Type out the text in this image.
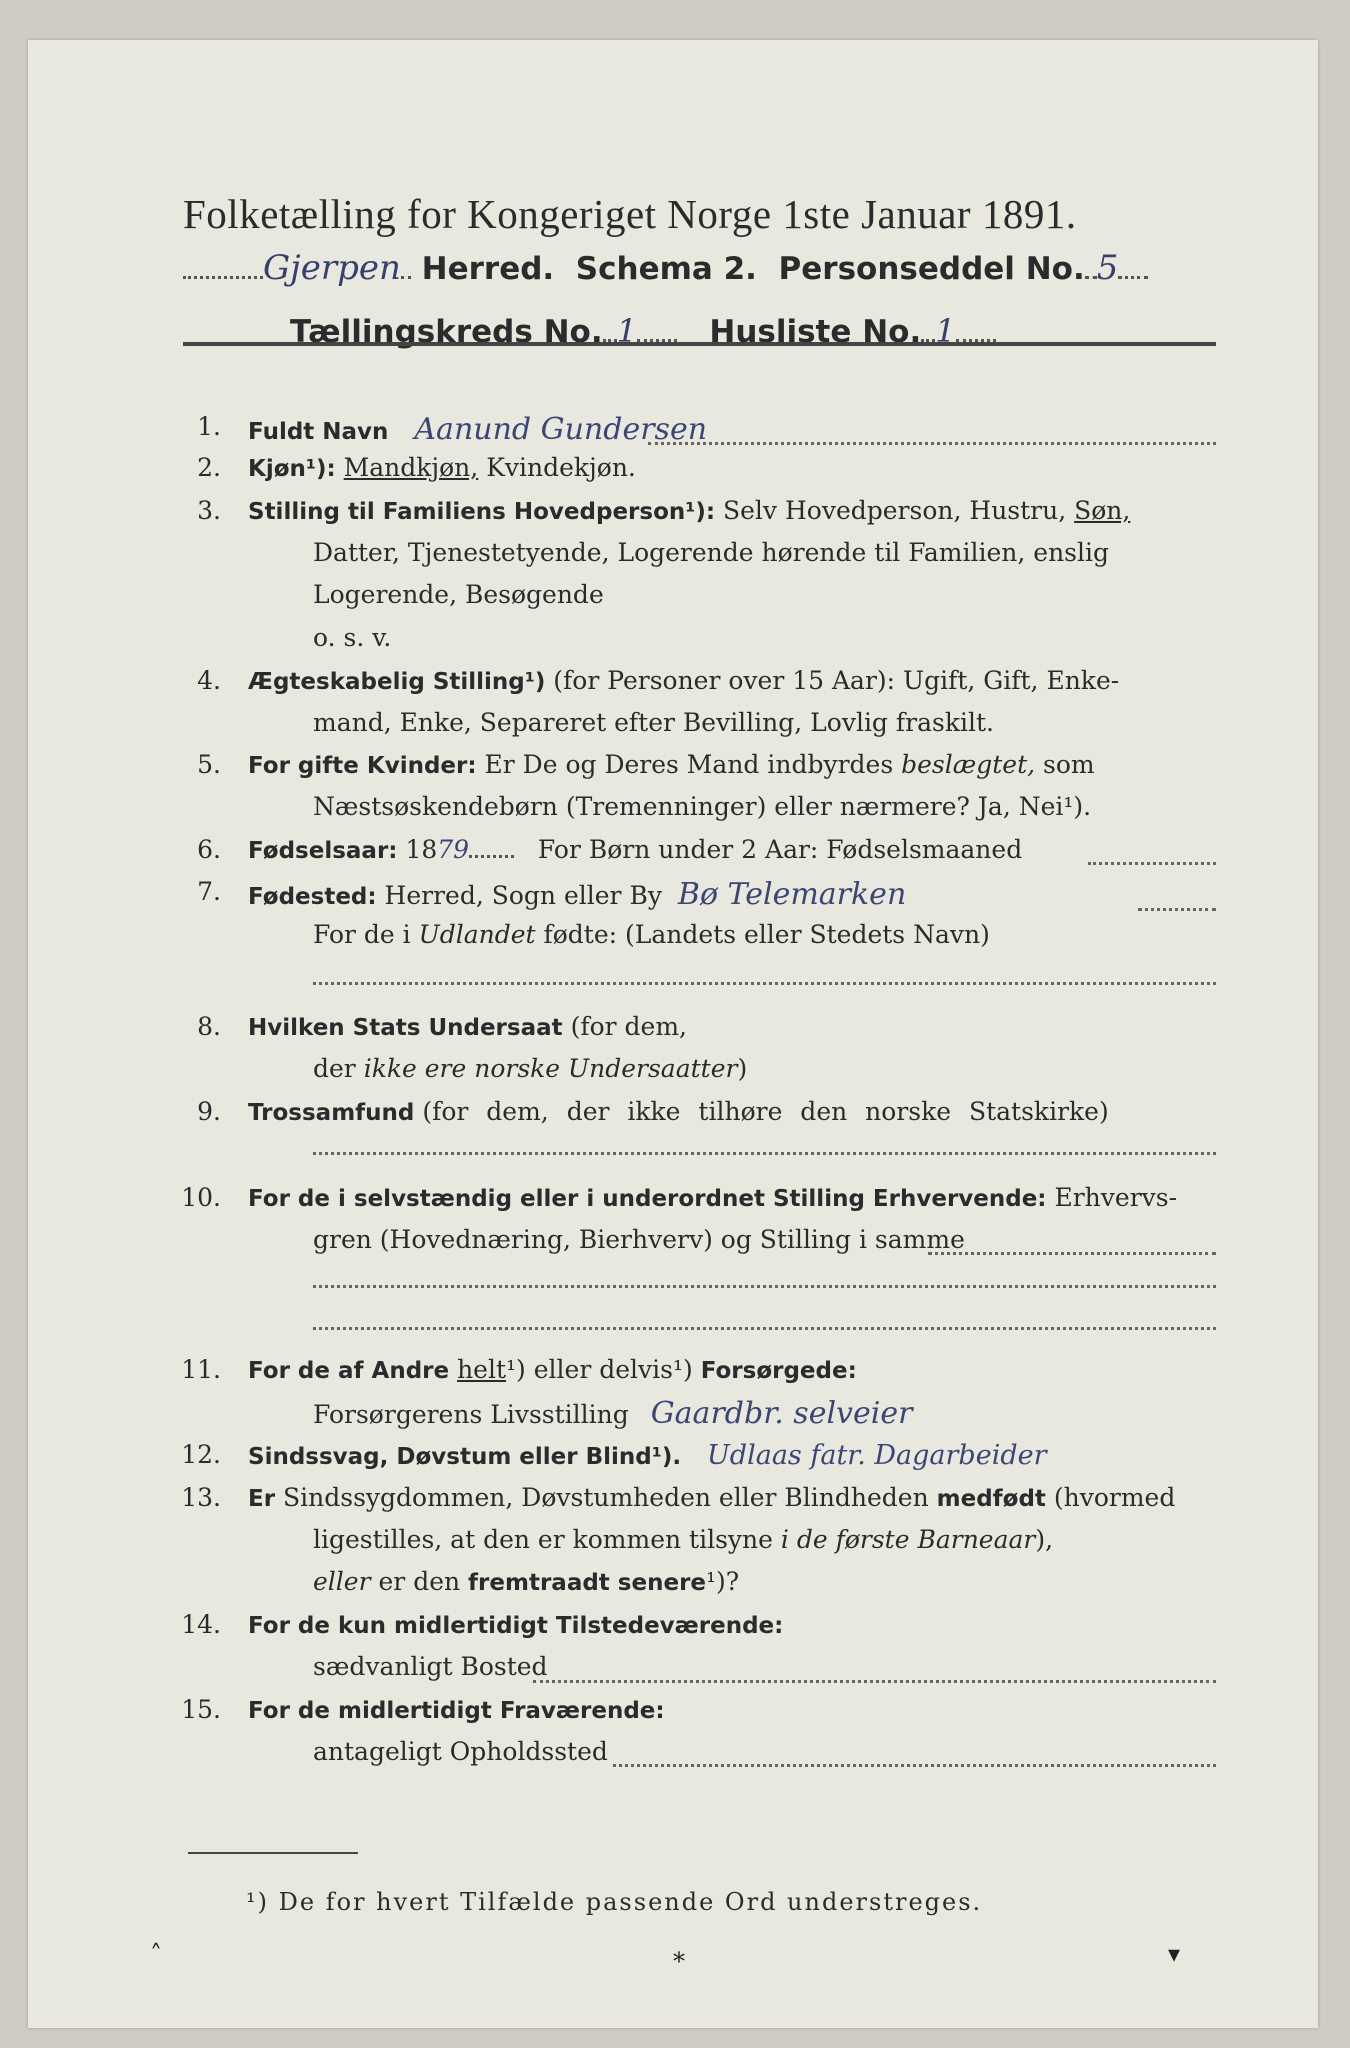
Folketælling for Kongeriget Norge 1ste Januar 1891.
Gjerpen Herred. Schema 2. Personseddel No. 5
Tællingskreds No. 1 Husliste No. 1
1. Fuldt Navn Aanund Gundersen
2. Kjøn¹): Mandkjøn, Kvindekjøn.
3. Stilling til Familiens Hovedperson¹): Selv Hovedperson, Hustru, Søn,
Datter, Tjenestetyende, Logerende hørende til Familien, enslig
Logerende, Besøgende
o. s. v.
4. Ægteskabelig Stilling¹) (for Personer over 15 Aar): Ugift, Gift, Enke-
mand, Enke, Separeret efter Bevilling, Lovlig fraskilt.
5. For gifte Kvinder: Er De og Deres Mand indbyrdes beslægtet, som
Næstsøskendebørn (Tremenninger) eller nærmere? Ja, Nei¹).
6. Fødselsaar: 1879	For Børn under 2 Aar: Fødselsmaaned
7. Fødested: Herred, Sogn eller By Bø Telemarken
For de i Udlandet fødte: (Landets eller Stedets Navn)
8. Hvilken Stats Undersaat (for dem,
der ikke ere norske Undersaatter)
9. Trossamfund (for dem, der ikke tilhøre den norske Statskirke)
10. For de i selvstændig eller i underordnet Stilling Erhvervende: Erhvervs-
gren (Hovednæring, Bierhverv) og Stilling i samme
11. For de af Andre helt¹) eller delvis¹) Forsørgede:
Forsørgerens Livsstilling Gaardbr. selveier
12. Sindssvag, Døvstum eller Blind¹). Udlaas fatr. Dagarbeider
13. Er Sindssygdommen, Døvstumheden eller Blindheden medfødt (hvormed
ligestilles, at den er kommen tilsyne i de første Barneaar),
eller er den fremtraadt senere¹)?
14. For de kun midlertidigt Tilstedeværende:
sædvanligt Bosted
15. For de midlertidigt Fraværende:
antageligt Opholdssted
¹) De for hvert Tilfælde passende Ord understreges.
˄	⁎	▾
